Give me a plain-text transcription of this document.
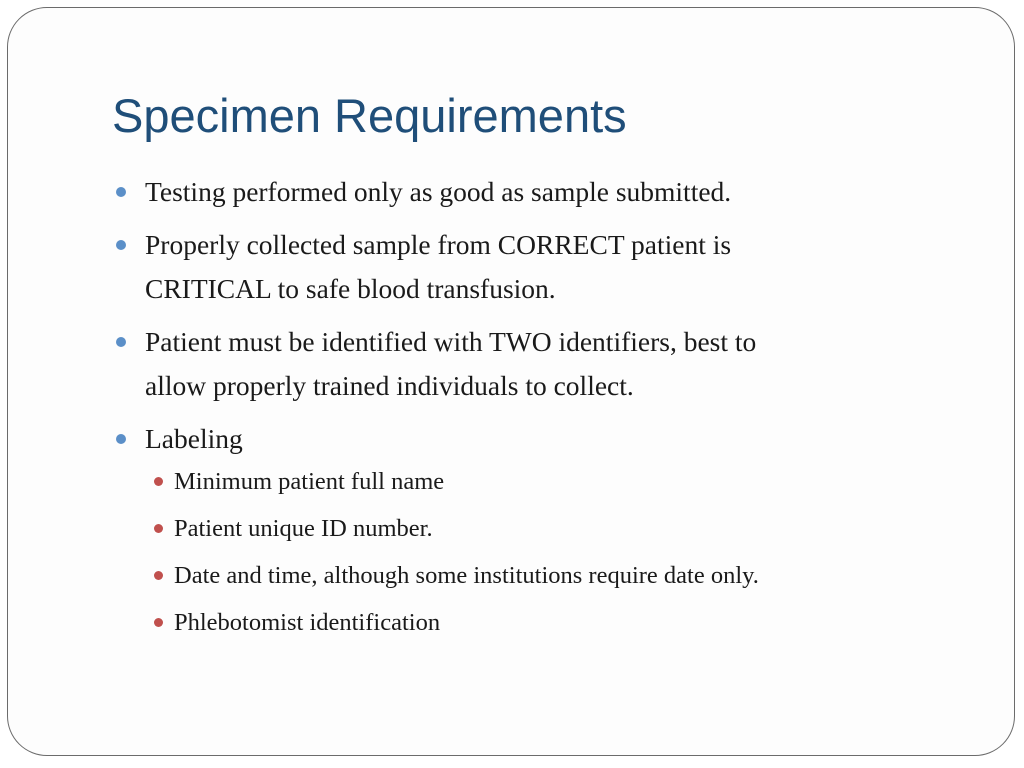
Specimen Requirements
Testing performed only as good as sample submitted.
Properly collected sample from CORRECT patient is
CRITICAL to safe blood transfusion.
Patient must be identified with TWO identifiers, best to
allow properly trained individuals to collect.
Labeling
Minimum patient full name
Patient unique ID number.
Date and time, although some institutions require date only.
Phlebotomist identification
